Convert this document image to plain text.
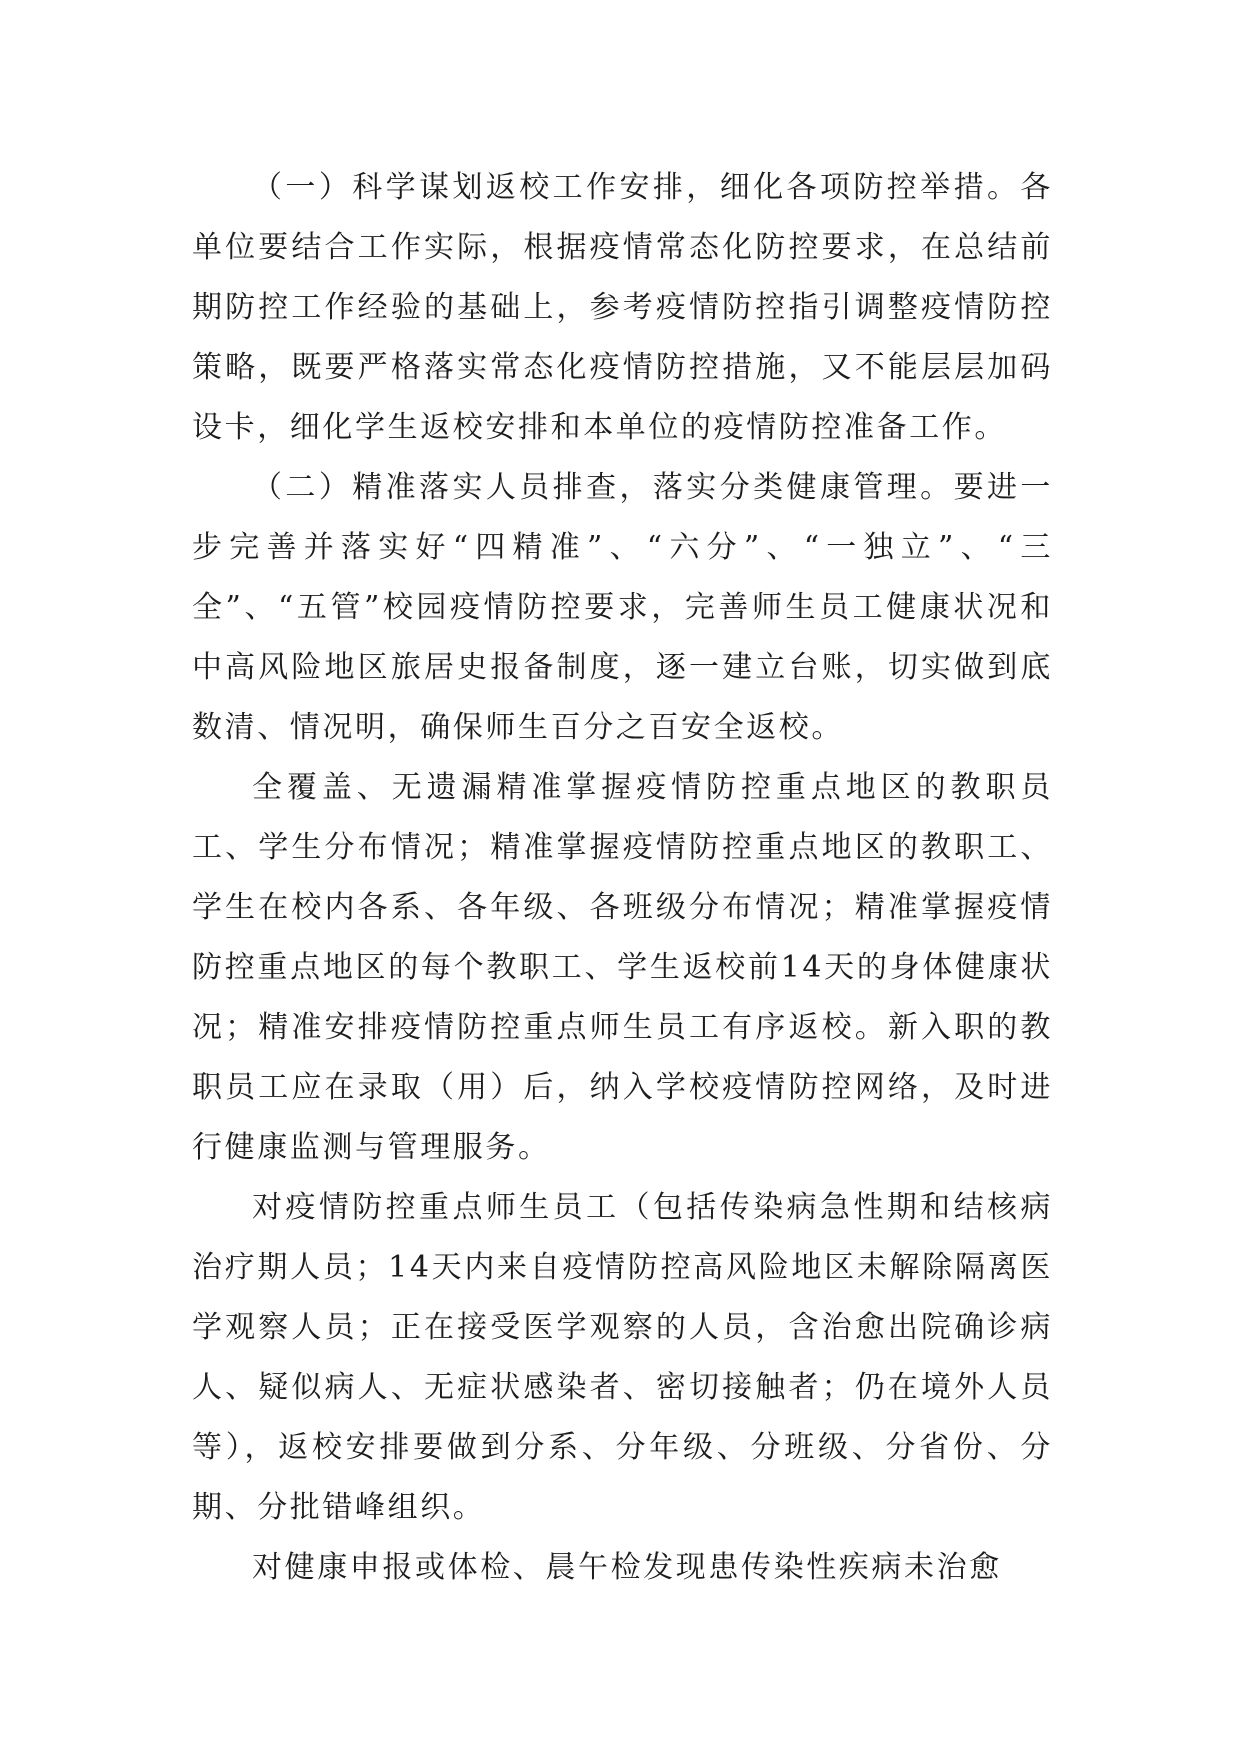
（一）科学谋划返校工作安排，细化各项防控举措。各单位要结合工作实际，根据疫情常态化防控要求，在总结前期防控工作经验的基础上，参考疫情防控指引调整疫情防控策略，既要严格落实常态化疫情防控措施，又不能层层加码设卡，细化学生返校安排和本单位的疫情防控准备工作。

（二）精准落实人员排查，落实分类健康管理。要进一步完善并落实好“四精准”、“六分”、“一独立”、“三全”、“五管”校园疫情防控要求，完善师生员工健康状况和中高风险地区旅居史报备制度，逐一建立台账，切实做到底数清、情况明，确保师生百分之百安全返校。

全覆盖、无遗漏精准掌握疫情防控重点地区的教职员工、学生分布情况；精准掌握疫情防控重点地区的教职工、学生在校内各系、各年级、各班级分布情况；精准掌握疫情防控重点地区的每个教职工、学生返校前14天的身体健康状况；精准安排疫情防控重点师生员工有序返校。新入职的教职员工应在录取（用）后，纳入学校疫情防控网络，及时进行健康监测与管理服务。

对疫情防控重点师生员工（包括传染病急性期和结核病治疗期人员；14天内来自疫情防控高风险地区未解除隔离医学观察人员；正在接受医学观察的人员，含治愈出院确诊病人、疑似病人、无症状感染者、密切接触者；仍在境外人员等），返校安排要做到分系、分年级、分班级、分省份、分期、分批错峰组织。

对健康申报或体检、晨午检发现患传染性疾病未治愈
